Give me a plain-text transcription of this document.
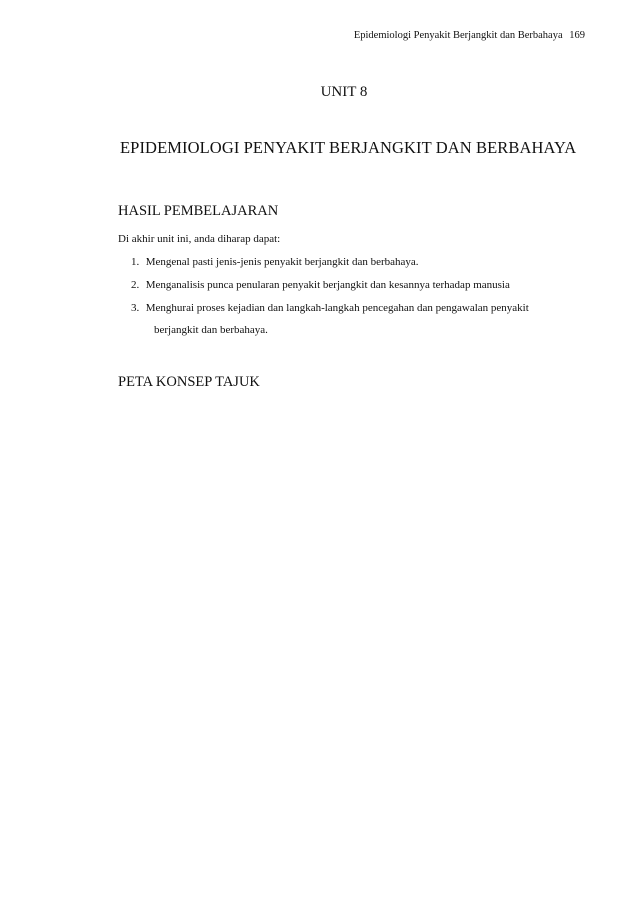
Epidemiologi Penyakit Berjangkit dan Berbahaya 169
UNIT 8
EPIDEMIOLOGI PENYAKIT BERJANGKIT DAN BERBAHAYA
HASIL PEMBELAJARAN
Di akhir unit ini, anda diharap dapat:
1. Mengenal pasti jenis-jenis penyakit berjangkit dan berbahaya.
2. Menganalisis punca penularan penyakit berjangkit dan kesannya terhadap manusia
3. Menghurai proses kejadian dan langkah-langkah pencegahan dan pengawalan penyakit
berjangkit dan berbahaya.
PETA KONSEP TAJUK
